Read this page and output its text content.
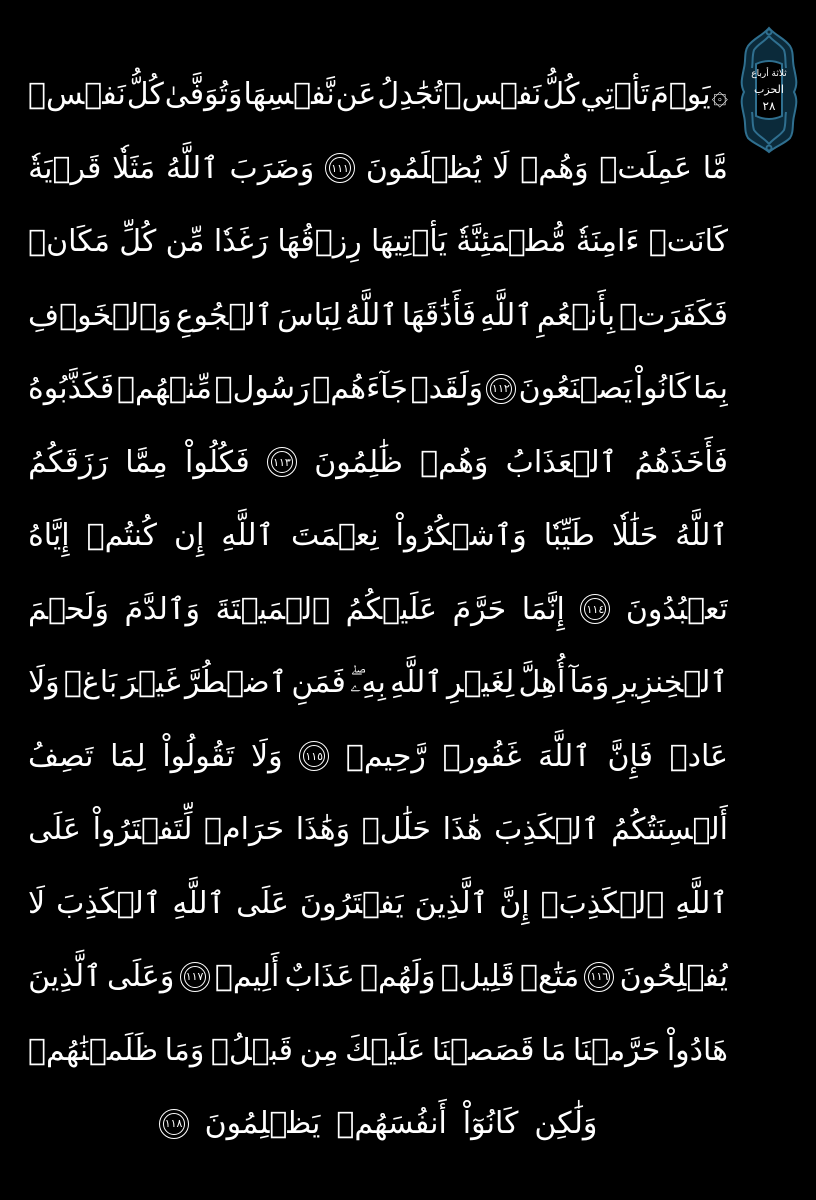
ثلاثة أرباع
الحزب
٢٨
۞
يَوۡمَ
تَأۡتِي
كُلُّ
نَفۡسٖ
تُجَٰدِلُ
عَن
نَّفۡسِهَا
وَتُوَفَّىٰ
كُلُّ
نَفۡسٖ
مَّا
عَمِلَتۡ
وَهُمۡ
لَا
يُظۡلَمُونَ
١١١
وَضَرَبَ
ٱللَّهُ
مَثَلٗا
قَرۡيَةٗ
كَانَتۡ
ءَامِنَةٗ
مُّطۡمَئِنَّةٗ
يَأۡتِيهَا
رِزۡقُهَا
رَغَدٗا
مِّن
كُلِّ
مَكَانٖ
فَكَفَرَتۡ
بِأَنۡعُمِ
ٱللَّهِ
فَأَذَٰقَهَا
ٱللَّهُ
لِبَاسَ
ٱلۡجُوعِ
وَٱلۡخَوۡفِ
بِمَا
كَانُواْ
يَصۡنَعُونَ
١١٢
وَلَقَدۡ
جَآءَهُمۡ
رَسُولٞ
مِّنۡهُمۡ
فَكَذَّبُوهُ
فَأَخَذَهُمُ
ٱلۡعَذَابُ
وَهُمۡ
ظَٰلِمُونَ
١١٣
فَكُلُواْ
مِمَّا
رَزَقَكُمُ
ٱللَّهُ
حَلَٰلٗا
طَيِّبٗا
وَٱشۡكُرُواْ
نِعۡمَتَ
ٱللَّهِ
إِن
كُنتُمۡ
إِيَّاهُ
تَعۡبُدُونَ
١١٤
إِنَّمَا
حَرَّمَ
عَلَيۡكُمُ
ٱلۡمَيۡتَةَ
وَٱلدَّمَ
وَلَحۡمَ
ٱلۡخِنزِيرِ
وَمَآ
أُهِلَّ
لِغَيۡرِ
ٱللَّهِ
بِهِۦۖ
فَمَنِ
ٱضۡطُرَّ
غَيۡرَ
بَاغٖ
وَلَا
عَادٖ
فَإِنَّ
ٱللَّهَ
غَفُورٞ
رَّحِيمٞ
١١٥
وَلَا
تَقُولُواْ
لِمَا
تَصِفُ
أَلۡسِنَتُكُمُ
ٱلۡكَذِبَ
هَٰذَا
حَلَٰلٞ
وَهَٰذَا
حَرَامٞ
لِّتَفۡتَرُواْ
عَلَى
ٱللَّهِ
ٱلۡكَذِبَۚ
إِنَّ
ٱلَّذِينَ
يَفۡتَرُونَ
عَلَى
ٱللَّهِ
ٱلۡكَذِبَ
لَا
يُفۡلِحُونَ
١١٦
مَتَٰعٞ
قَلِيلٞ
وَلَهُمۡ
عَذَابٌ
أَلِيمٞ
١١٧
وَعَلَى
ٱلَّذِينَ
هَادُواْ
حَرَّمۡنَا
مَا
قَصَصۡنَا
عَلَيۡكَ
مِن
قَبۡلُۖ
وَمَا
ظَلَمۡنَٰهُمۡ
وَلَٰكِن
كَانُوٓاْ
أَنفُسَهُمۡ
يَظۡلِمُونَ
١١٨
